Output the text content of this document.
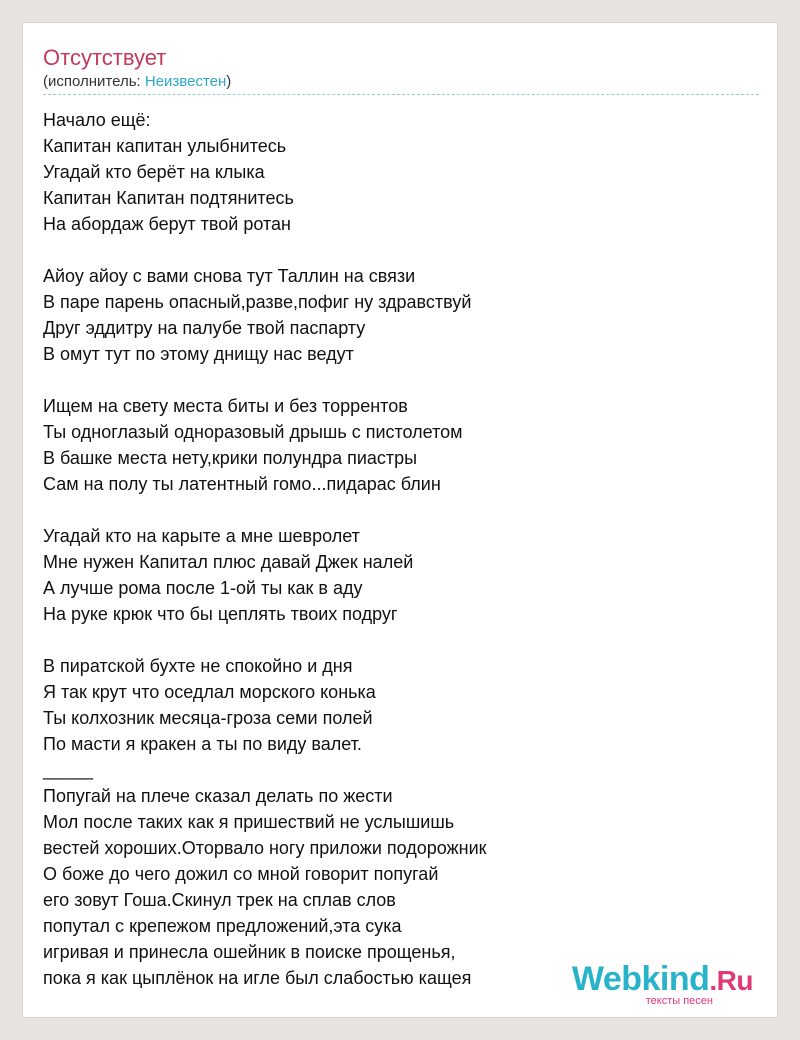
Отсутствует
(исполнитель: Неизвестен)
Начало ещё:
Капитан капитан улыбнитесь
Угадай кто берёт на клыка
Капитан Капитан подтянитесь
На абордаж берут твой ротан
Айоу айоу с вами снова тут Таллин на связи
В паре парень опасный,разве,пофиг ну здравствуй
Друг эддитру на палубе твой паспарту
В омут тут по этому днищу нас ведут
Ищем на свету места биты и без торрентов
Ты одноглазый одноразовый дрышь с пистолетом
В башке места нету,крики полундра пиастры
Сам на полу ты латентный гомо...пидарас блин
Угадай кто на карыте а мне шевролет
Мне нужен Капитал плюс давай Джек налей
А лучше рома после 1-ой ты как в аду
На руке крюк что бы цеплять твоих подруг
В пиратской бухте не спокойно и дня
Я так крут что оседлал морского конька
Ты колхозник месяца-гроза семи полей
По масти я кракен а ты по виду валет.
_____
Попугай на плече сказал делать по жести
Мол после таких как я пришествий не услышишь
вестей хороших.Оторвало ногу приложи подорожник
О боже до чего дожил со мной говорит попугай
его зовут Гоша.Скинул трек на сплав слов
попутал с крепежом предложений,эта сука
игривая и принесла ошейник в поиске прощенья,
пока я как цыплёнок на игле был слабостью кащея	Webkind.Ru
тексты песен
